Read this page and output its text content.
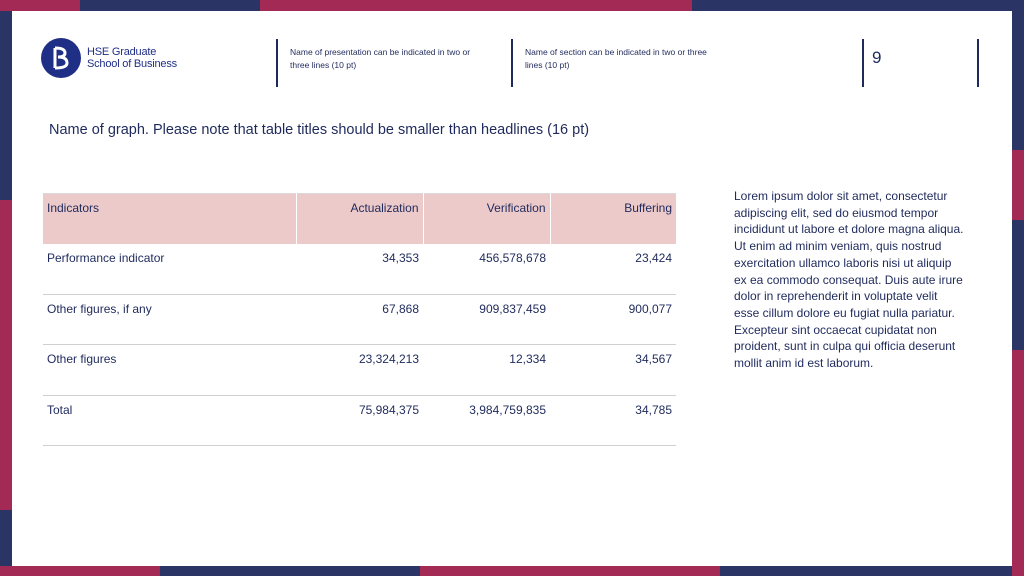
HSE Graduate
School of Business
Name of presentation can be indicated in two or three lines (10 pt)
Name of section can be indicated in two or three lines (10 pt)	9
Name of graph. Please note that table titles should be smaller than headlines (16 pt)
Indicators	Actualization	Verification	Buffering
Performance indicator	34,353	456,578,678	23,424
Other figures, if any	67,868	909,837,459	900,077
Other figures	23,324,213	12,334	34,567
Total	75,984,375	3,984,759,835	34,785
Lorem ipsum dolor sit amet, consectetur adipiscing elit, sed do eiusmod tempor incididunt ut labore et dolore magna aliqua. Ut enim ad minim veniam, quis nostrud exercitation ullamco laboris nisi ut aliquip ex ea commodo consequat. Duis aute irure dolor in reprehenderit in voluptate velit esse cillum dolore eu fugiat nulla pariatur. Excepteur sint occaecat cupidatat non proident, sunt in culpa qui officia deserunt mollit anim id est laborum.
